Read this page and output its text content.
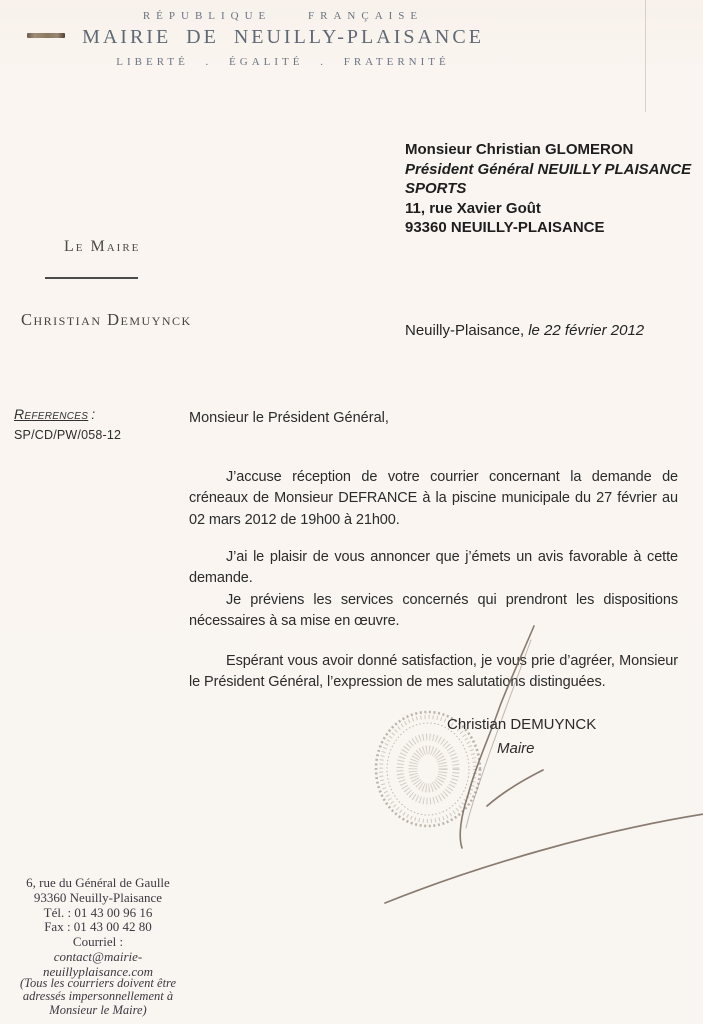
RÉPUBLIQUE FRANÇAISE
MAIRIE DE NEUILLY-PLAISANCE
LIBERTÉ . ÉGALITÉ . FRATERNITÉ
Monsieur Christian GLOMERON
Président Général NEUILLY PLAISANCE SPORTS
11, rue Xavier Goût
93360 NEUILLY-PLAISANCE
Le Maire
Christian Demuynck
Neuilly-Plaisance, le 22 février 2012
References :
SP/CD/PW/058-12
Monsieur le Président Général,

J’accuse réception de votre courrier concernant la demande de créneaux de Monsieur DEFRANCE à la piscine municipale du 27 février au 02 mars 2012 de 19h00 à 21h00.

J’ai le plaisir de vous annoncer que j’émets un avis favorable à cette demande.

Je préviens les services concernés qui prendront les dispositions nécessaires à sa mise en œuvre.

Espérant vous avoir donné satisfaction, je vous prie d’agréer, Monsieur le Président Général, l’expression de mes salutations distinguées.

Christian DEMUYNCK
Maire
6, rue du Général de Gaulle
93360 Neuilly-Plaisance
Tél. : 01 43 00 96 16
Fax : 01 43 00 42 80
Courriel :
contact@mairie-neuillyplaisance.com
(Tous les courriers doivent être
adressés impersonnellement à
Monsieur le Maire)
